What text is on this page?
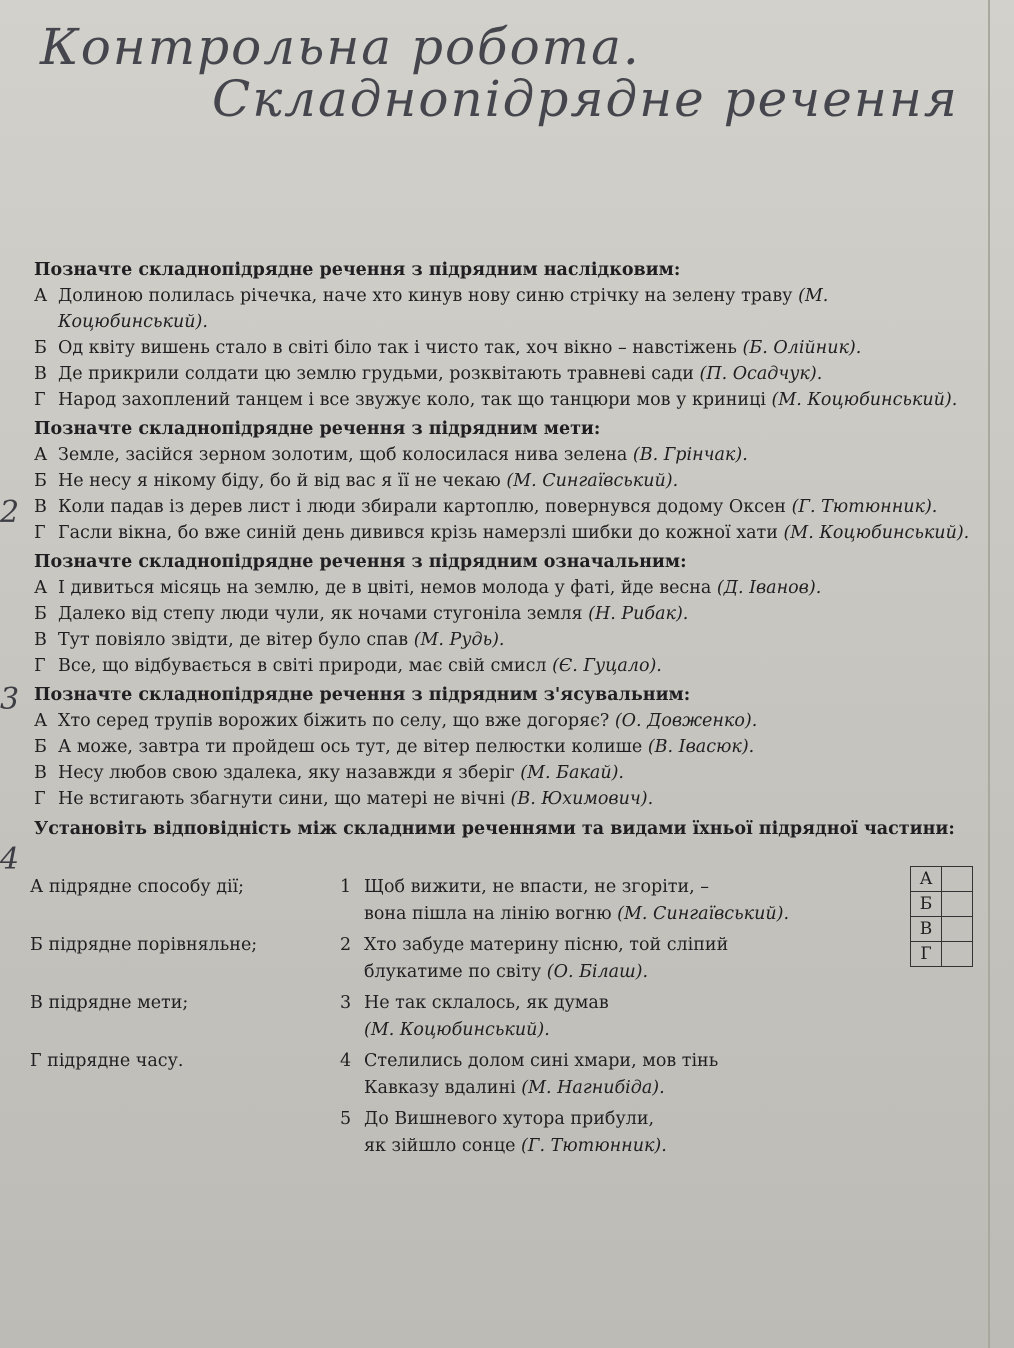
Контрольна робота.
Складнопідрядне речення
2
3
4
Позначте складнопідрядне речення з підрядним наслідковим:
А Долиною полилась річечка, наче хто кинув нову синю стрічку на зелену траву (М. Коцюбинський).
Б Од квіту вишень стало в світі біло так і чисто так, хоч вікно – навстіжень (Б. Олійник).
В Де прикрили солдати цю землю грудьми, розквітають травневі сади (П. Осадчук).
Г Народ захоплений танцем і все звужує коло, так що танцюри мов у криниці (М. Коцюбинський).
Позначте складнопідрядне речення з підрядним мети:
А Земле, засійся зерном золотим, щоб колосилася нива зелена (В. Грінчак).
Б Не несу я нікому біду, бо й від вас я її не чекаю (М. Сингаївський).
В Коли падав із дерев лист і люди збирали картоплю, повернувся додому Оксен (Г. Тютюнник).
Г Гасли вікна, бо вже синій день дивився крізь намерзлі шибки до кожної хати (М. Коцюбинський).
Позначте складнопідрядне речення з підрядним означальним:
А І дивиться місяць на землю, де в цвіті, немов молода у фаті, йде весна (Д. Іванов).
Б Далеко від степу люди чули, як ночами стугоніла земля (Н. Рибак).
В Тут повіяло звідти, де вітер було спав (М. Рудь).
Г Все, що відбувається в світі природи, має свій смисл (Є. Гуцало).
Позначте складнопідрядне речення з підрядним з'ясувальним:
А Хто серед трупів ворожих біжить по селу, що вже догоряє? (О. Довженко).
Б А може, завтра ти пройдеш ось тут, де вітер пелюстки колише (В. Івасюк).
В Несу любов свою здалека, яку назавжди я зберіг (М. Бакай).
Г Не встигають збагнути сини, що матері не вічні (В. Юхимович).
Установіть відповідність між складними реченнями та видами їхньої підрядної частини:
А підрядне способу дії;
Б підрядне порівняльне;
В підрядне мети;
Г підрядне часу.
1 Щоб вижити, не впасти, не згоріти, –
вона пішла на лінію вогню (М. Сингаївський).
2 Хто забуде материну пісню, той сліпий
блукатиме по світу (О. Білаш).
3 Не так склалось, як думав
(М. Коцюбинський).
4 Стелились долом сині хмари, мов тінь
Кавказу вдалині (М. Нагнибіда).
5 До Вишневого хутора прибули,
як зійшло сонце (Г. Тютюнник).
А	
Б	
В	
Г	
